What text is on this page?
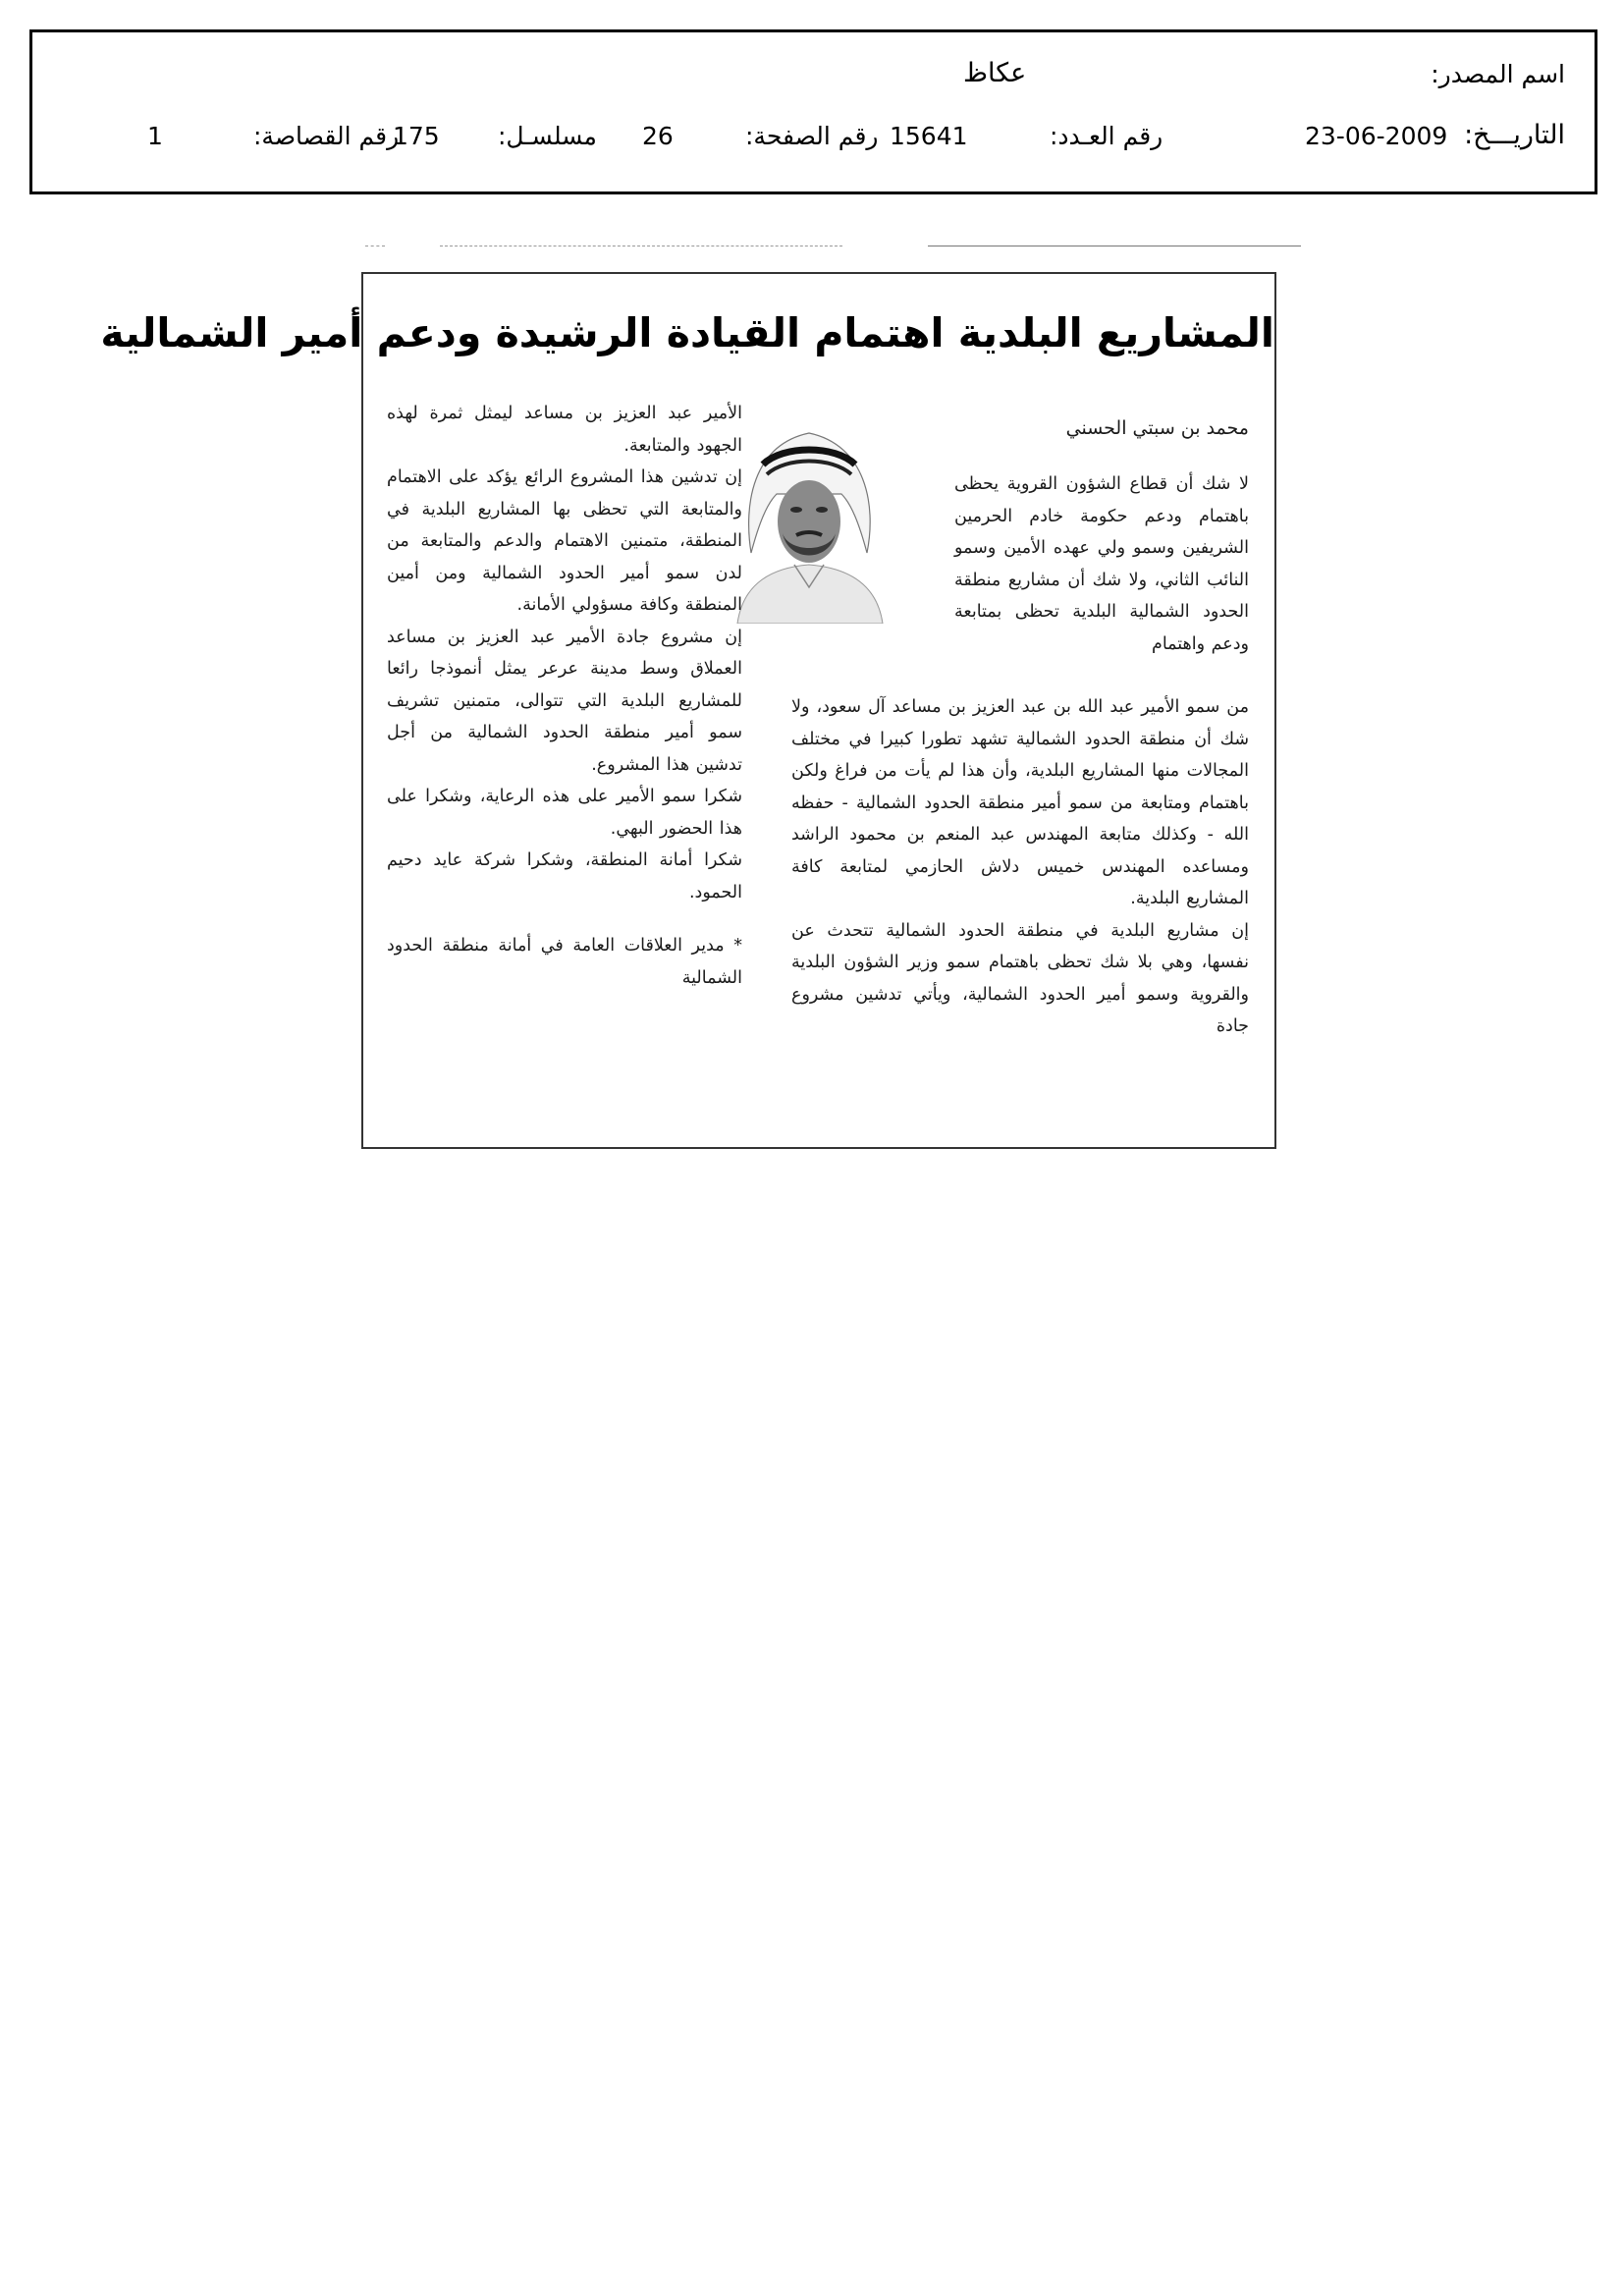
اسم المصدر:
عكاظ
التاريـــخ:
23-06-2009
رقم العـدد:
15641
رقم الصفحة:
26
مسلسـل:
175
رقم القصاصة:
1
المشاريع البلدية اهتمام القيادة الرشيدة ودعم أمير الشمالية
محمد بن سبتي الحسني

لا شك أن قطاع الشؤون القروية يحظى باهتمام ودعم حكومة خادم الحرمين الشريفين وسمو ولي عهده الأمين وسمو النائب الثاني، ولا شك أن مشاريع منطقة الحدود الشمالية البلدية تحظى بمتابعة ودعم واهتمام

من سمو الأمير عبد الله بن عبد العزيز بن مساعد آل سعود، ولا شك أن منطقة الحدود الشمالية تشهد تطورا كبيرا في مختلف المجالات منها المشاريع البلدية، وأن هذا لم يأت من فراغ ولكن باهتمام ومتابعة من سمو أمير منطقة الحدود الشمالية - حفظه الله - وكذلك متابعة المهندس عبد المنعم بن محمود الراشد ومساعده المهندس خميس دلاش الحازمي لمتابعة كافة المشاريع البلدية.

إن مشاريع البلدية في منطقة الحدود الشمالية تتحدث عن نفسها، وهي بلا شك تحظى باهتمام سمو وزير الشؤون البلدية والقروية وسمو أمير الحدود الشمالية، ويأتي تدشين مشروع جادة

الأمير عبد العزيز بن مساعد ليمثل ثمرة لهذه الجهود والمتابعة.

إن تدشين هذا المشروع الرائع يؤكد على الاهتمام والمتابعة التي تحظى بها المشاريع البلدية في المنطقة، متمنين الاهتمام والدعم والمتابعة من لدن سمو أمير الحدود الشمالية ومن أمين المنطقة وكافة مسؤولي الأمانة.

إن مشروع جادة الأمير عبد العزيز بن مساعد العملاق وسط مدينة عرعر يمثل أنموذجا رائعا للمشاريع البلدية التي تتوالى، متمنين تشريف سمو أمير منطقة الحدود الشمالية من أجل تدشين هذا المشروع.

شكرا سمو الأمير على هذه الرعاية، وشكرا على هذا الحضور البهي.

شكرا أمانة المنطقة، وشكرا شركة عايد دحيم الحمود.

* مدير العلاقات العامة في أمانة منطقة الحدود الشمالية
